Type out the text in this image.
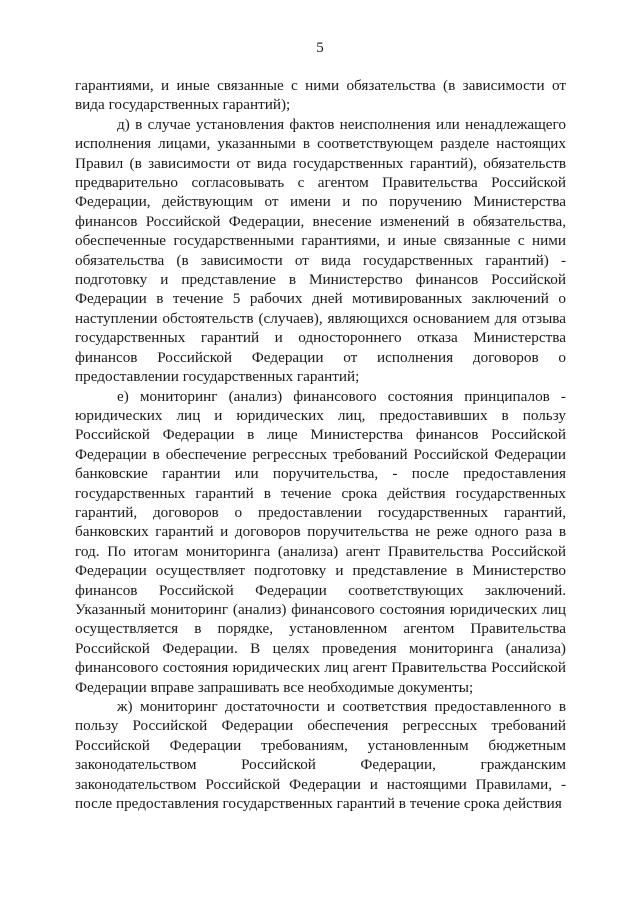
5

гарантиями, и иные связанные с ними обязательства (в зависимости от вида государственных гарантий);

д) в случае установления фактов неисполнения или ненадлежащего исполнения лицами, указанными в соответствующем разделе настоящих Правил (в зависимости от вида государственных гарантий), обязательств предварительно согласовывать с агентом Правительства Российской Федерации, действующим от имени и по поручению Министерства финансов Российской Федерации, внесение изменений в обязательства, обеспеченные государственными гарантиями, и иные связанные с ними обязательства (в зависимости от вида государственных гарантий) - подготовку и представление в Министерство финансов Российской Федерации в течение 5 рабочих дней мотивированных заключений о наступлении обстоятельств (случаев), являющихся основанием для отзыва государственных гарантий и одностороннего отказа Министерства финансов Российской Федерации от исполнения договоров о предоставлении государственных гарантий;

е) мониторинг (анализ) финансового состояния принципалов - юридических лиц и юридических лиц, предоставивших в пользу Российской Федерации в лице Министерства финансов Российской Федерации в обеспечение регрессных требований Российской Федерации банковские гарантии или поручительства, - после предоставления государственных гарантий в течение срока действия государственных гарантий, договоров о предоставлении государственных гарантий, банковских гарантий и договоров поручительства не реже одного раза в год. По итогам мониторинга (анализа) агент Правительства Российской Федерации осуществляет подготовку и представление в Министерство финансов Российской Федерации соответствующих заключений. Указанный мониторинг (анализ) финансового состояния юридических лиц осуществляется в порядке, установленном агентом Правительства Российской Федерации. В целях проведения мониторинга (анализа) финансового состояния юридических лиц агент Правительства Российской Федерации вправе запрашивать все необходимые документы;

ж) мониторинг достаточности и соответствия предоставленного в пользу Российской Федерации обеспечения регрессных требований Российской Федерации требованиям, установленным бюджетным законодательством Российской Федерации, гражданским законодательством Российской Федерации и настоящими Правилами, - после предоставления государственных гарантий в течение срока действия
